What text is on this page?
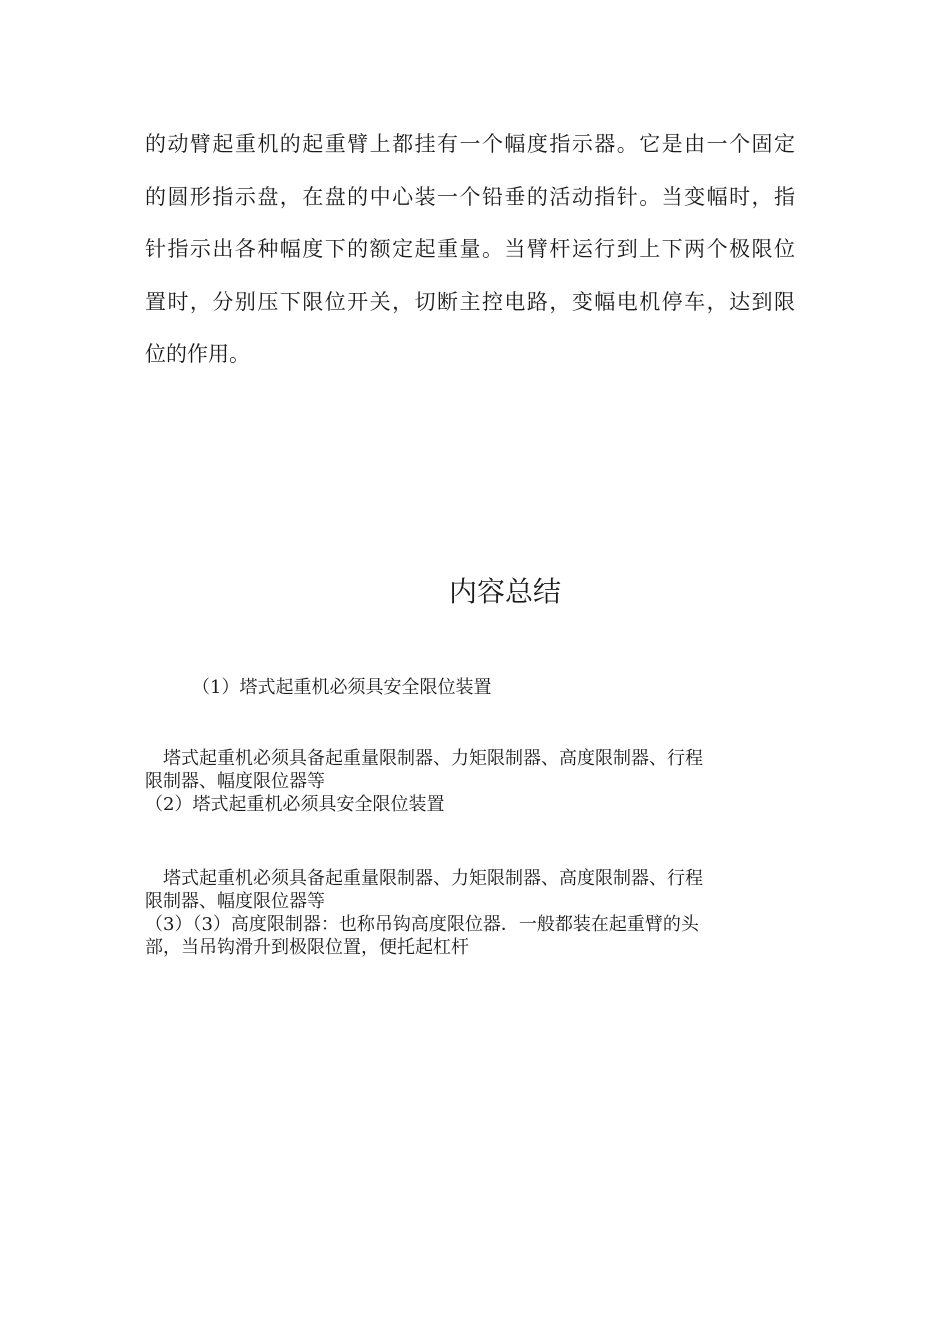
的动臂起重机的起重臂上都挂有一个幅度指示器。它是由一个固定
的圆形指示盘，在盘的中心装一个铅垂的活动指针。当变幅时，指
针指示出各种幅度下的额定起重量。当臂杆运行到上下两个极限位
置时，分别压下限位开关，切断主控电路，变幅电机停车，达到限
位的作用。
内容总结
（1）塔式起重机必须具安全限位装置
塔式起重机必须具备起重量限制器、力矩限制器、高度限制器、行程
限制器、幅度限位器等
（2）塔式起重机必须具安全限位装置
塔式起重机必须具备起重量限制器、力矩限制器、高度限制器、行程
限制器、幅度限位器等
（3）（3）高度限制器：也称吊钩高度限位器．一般都装在起重臂的头
部，当吊钩滑升到极限位置，便托起杠杆
